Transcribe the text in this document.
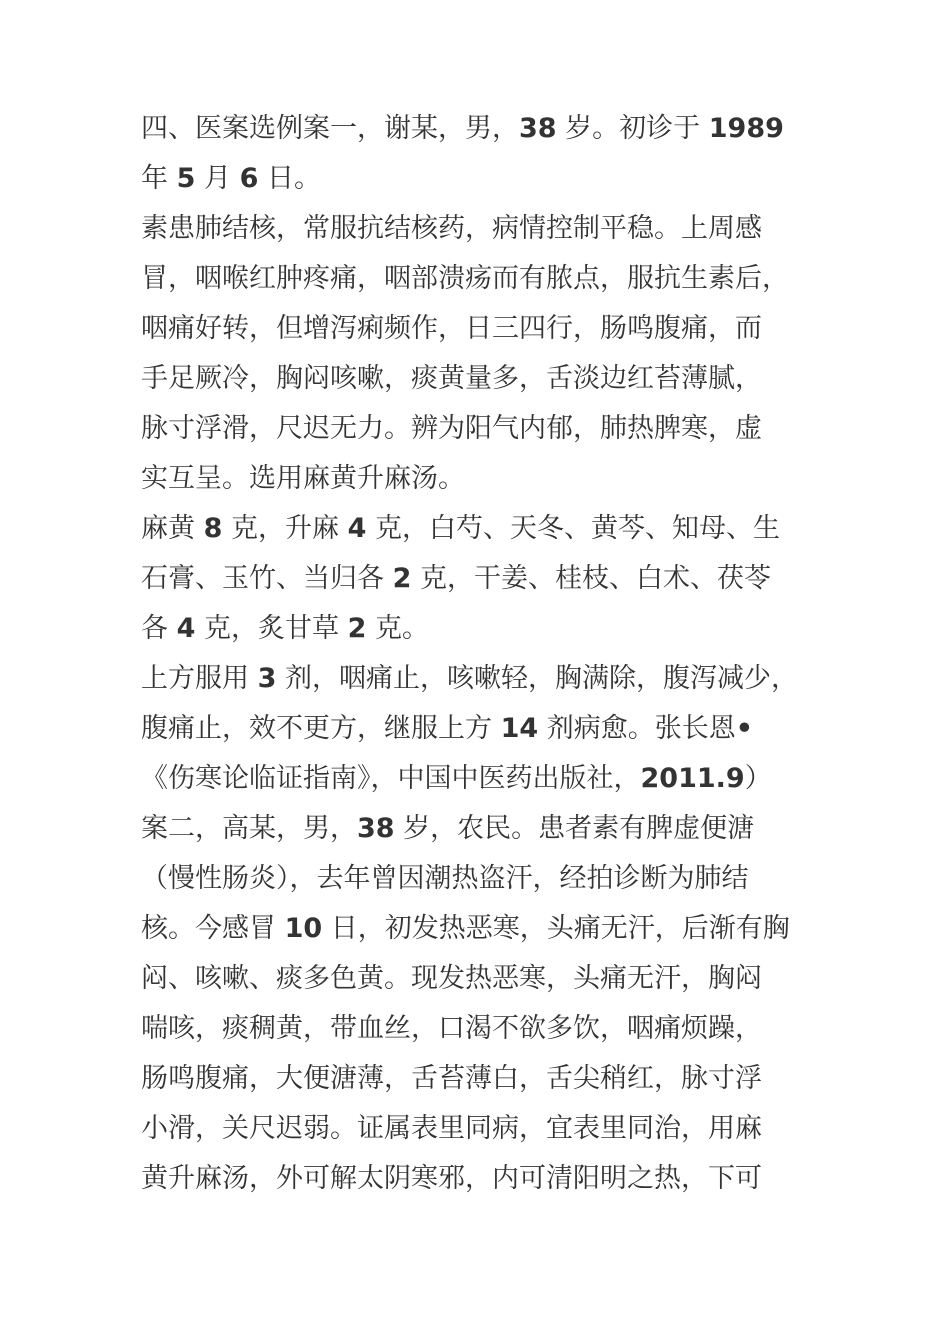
四、医案选例案一，谢某，男，38 岁。初诊于 1989
年 5 月 6 日。
素患肺结核，常服抗结核药，病情控制平稳。上周感
冒，咽喉红肿疼痛，咽部溃疡而有脓点，服抗生素后，
咽痛好转，但增泻痢频作，日三四行，肠鸣腹痛，而
手足厥冷，胸闷咳嗽，痰黄量多，舌淡边红苔薄腻，
脉寸浮滑，尺迟无力。辨为阳气内郁，肺热脾寒，虚
实互呈。选用麻黄升麻汤。
麻黄 8 克，升麻 4 克，白芍、天冬、黄芩、知母、生
石膏、玉竹、当归各 2 克，干姜、桂枝、白术、茯苓
各 4 克，炙甘草 2 克。
上方服用 3 剂，咽痛止，咳嗽轻，胸满除，腹泻减少，
腹痛止，效不更方，继服上方 14 剂病愈。张长恩•
《伤寒论临证指南》，中国中医药出版社，2011.9）
案二，高某，男，38 岁，农民。患者素有脾虚便溏
（慢性肠炎），去年曾因潮热盗汗，经拍诊断为肺结
核。今感冒 10 日，初发热恶寒，头痛无汗，后渐有胸
闷、咳嗽、痰多色黄。现发热恶寒，头痛无汗，胸闷
喘咳，痰稠黄，带血丝，口渴不欲多饮，咽痛烦躁，
肠鸣腹痛，大便溏薄，舌苔薄白，舌尖稍红，脉寸浮
小滑，关尺迟弱。证属表里同病，宜表里同治，用麻
黄升麻汤，外可解太阴寒邪，内可清阳明之热，下可
